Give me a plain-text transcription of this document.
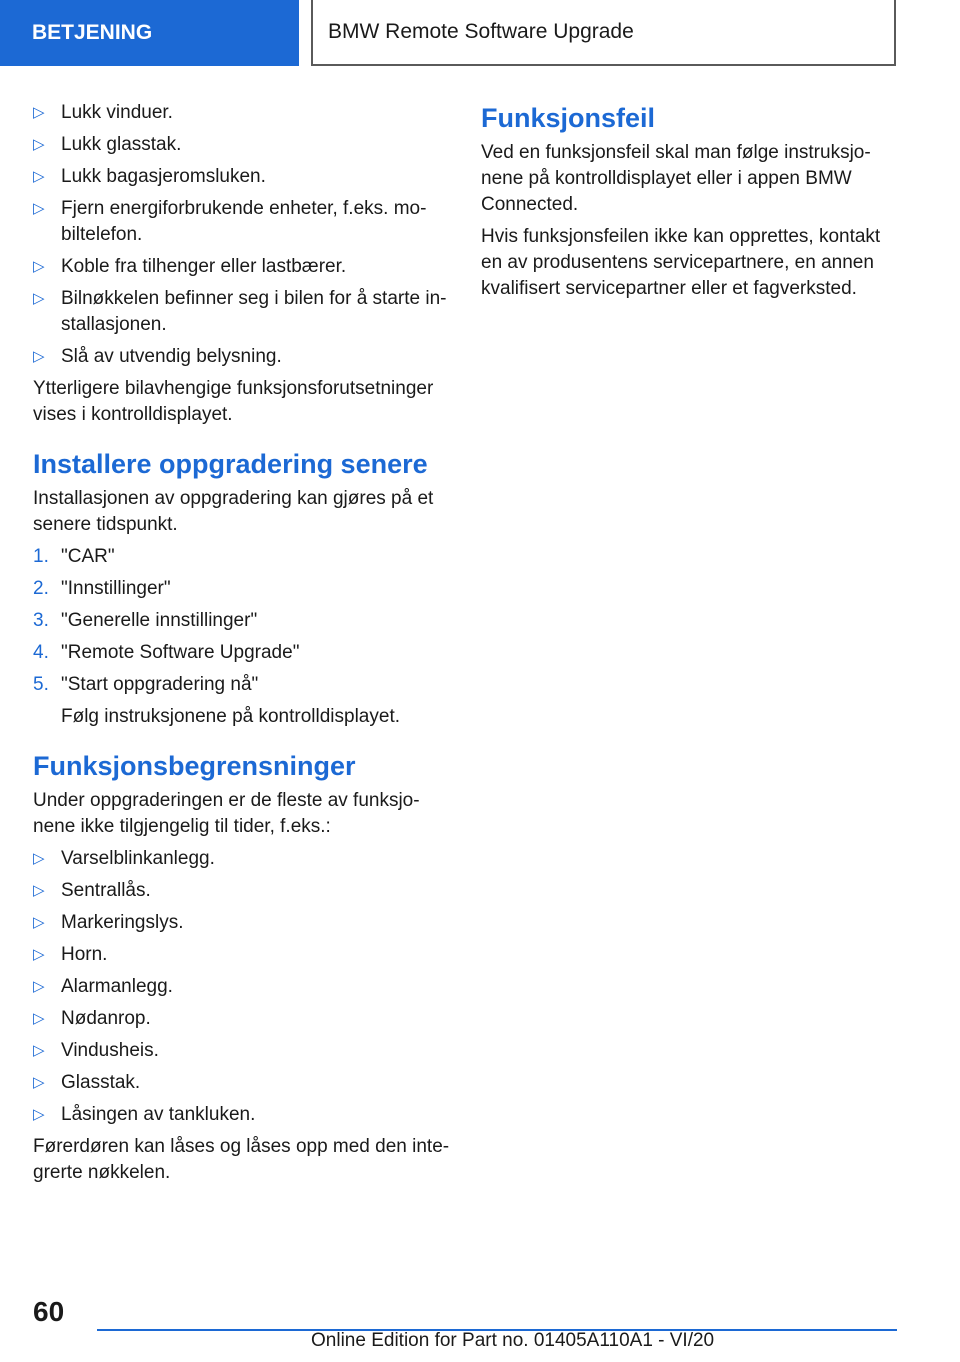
BETJENING	BMW Remote Software Upgrade
▷ Lukk vinduer.
▷ Lukk glasstak.
▷ Lukk bagasjeromsluken.
▷ Fjern energiforbrukende enheter, f.eks. mobiltelefon.
▷ Koble fra tilhenger eller lastbærer.
▷ Bilnøkkelen befinner seg i bilen for å starte installasjonen.
▷ Slå av utvendig belysning.

Ytterligere bilavhengige funksjonsforutsetninger vises i kontrolldisplayet.

Installere oppgradering senere

Installasjonen av oppgradering kan gjøres på et senere tidspunkt.

1. "CAR"
2. "Innstillinger"
3. "Generelle innstillinger"
4. "Remote Software Upgrade"
5. "Start oppgradering nå"

Følg instruksjonene på kontrolldisplayet.

Funksjonsbegrensninger

Under oppgraderingen er de fleste av funksjonene ikke tilgjengelig til tider, f.eks.:

▷ Varselblinkanlegg.
▷ Sentrallås.
▷ Markeringslys.
▷ Horn.
▷ Alarmanlegg.
▷ Nødanrop.
▷ Vindusheis.
▷ Glasstak.
▷ Låsingen av tankluken.

Førerdøren kan låses og låses opp med den integrerte nøkkelen.

Funksjonsfeil

Ved en funksjonsfeil skal man følge instruksjonene på kontrolldisplayet eller i appen BMW Connected.

Hvis funksjonsfeilen ikke kan opprettes, kontakt en av produsentens servicepartnere, en annen kvalifisert servicepartner eller et fagverksted.

60
Online Edition for Part no. 01405A110A1 - VI/20
